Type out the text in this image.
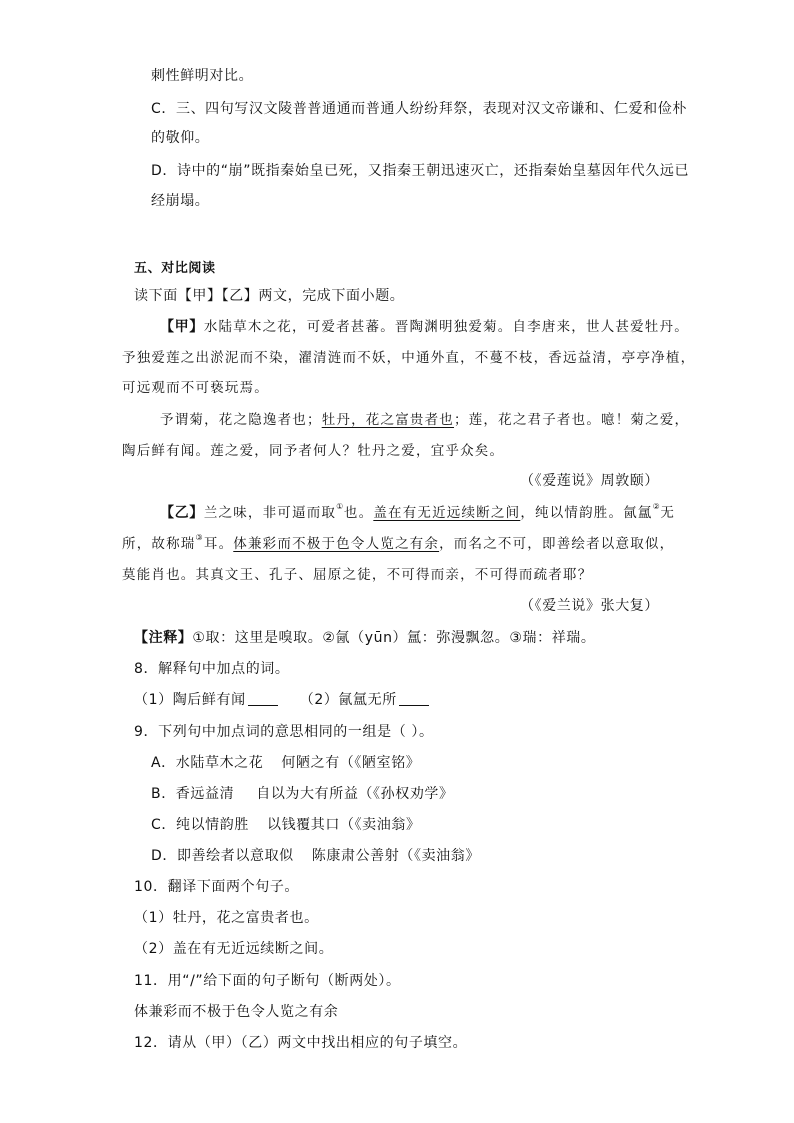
刺性鲜明对比。
C．三、四句写汉文陵普普通通而普通人纷纷拜祭，表现对汉文帝谦和、仁爱和俭朴
的敬仰。
D．诗中的“崩”既指秦始皇已死，又指秦王朝迅速灭亡，还指秦始皇墓因年代久远已
经崩塌。
五、对比阅读
读下面【甲】【乙】两文，完成下面小题。
【甲】水陆草木之花，可爱者甚蕃。晋陶渊明独爱菊。自李唐来，世人甚爱牡丹。
予独爱莲之出淤泥而不染，濯清涟而不妖，中通外直，不蔓不枝，香远益清，亭亭净植，
可远观而不可亵玩焉。
予谓菊，花之隐逸者也；牡丹，花之富贵者也；莲，花之君子者也。噫！菊之爱，
陶后鲜有闻。莲之爱，同予者何人？牡丹之爱，宜乎众矣。
（《爱莲说》周敦颐）
【乙】兰之味，非可逼而取①也。盖在有无近远续断之间，纯以情韵胜。氤氲②无
所，故称瑞③耳。体兼彩而不极于色令人览之有余，而名之不可，即善绘者以意取似，
莫能肖也。其真文王、孔子、屈原之徒，不可得而亲，不可得而疏者耶？
（《爱兰说》张大复）
【注释】①取：这里是嗅取。②氤（yūn）氲：弥漫飘忽。③瑞：祥瑞。
8．解释句中加点的词。
（1）陶后鲜有闻	（2）氤氲无所
9．下列句中加点词的意思相同的一组是（ ）。
A．水陆草木之花 何陋之有（《陋室铭》
B．香远益清 自以为大有所益（《孙权劝学》
C．纯以情韵胜 以钱覆其口（《卖油翁》
D．即善绘者以意取似 陈康肃公善射（《卖油翁》
10．翻译下面两个句子。
（1）牡丹，花之富贵者也。
（2）盖在有无近远续断之间。
11．用“/”给下面的句子断句（断两处）。
体兼彩而不极于色令人览之有余
12．请从（甲）（乙）两文中找出相应的句子填空。
